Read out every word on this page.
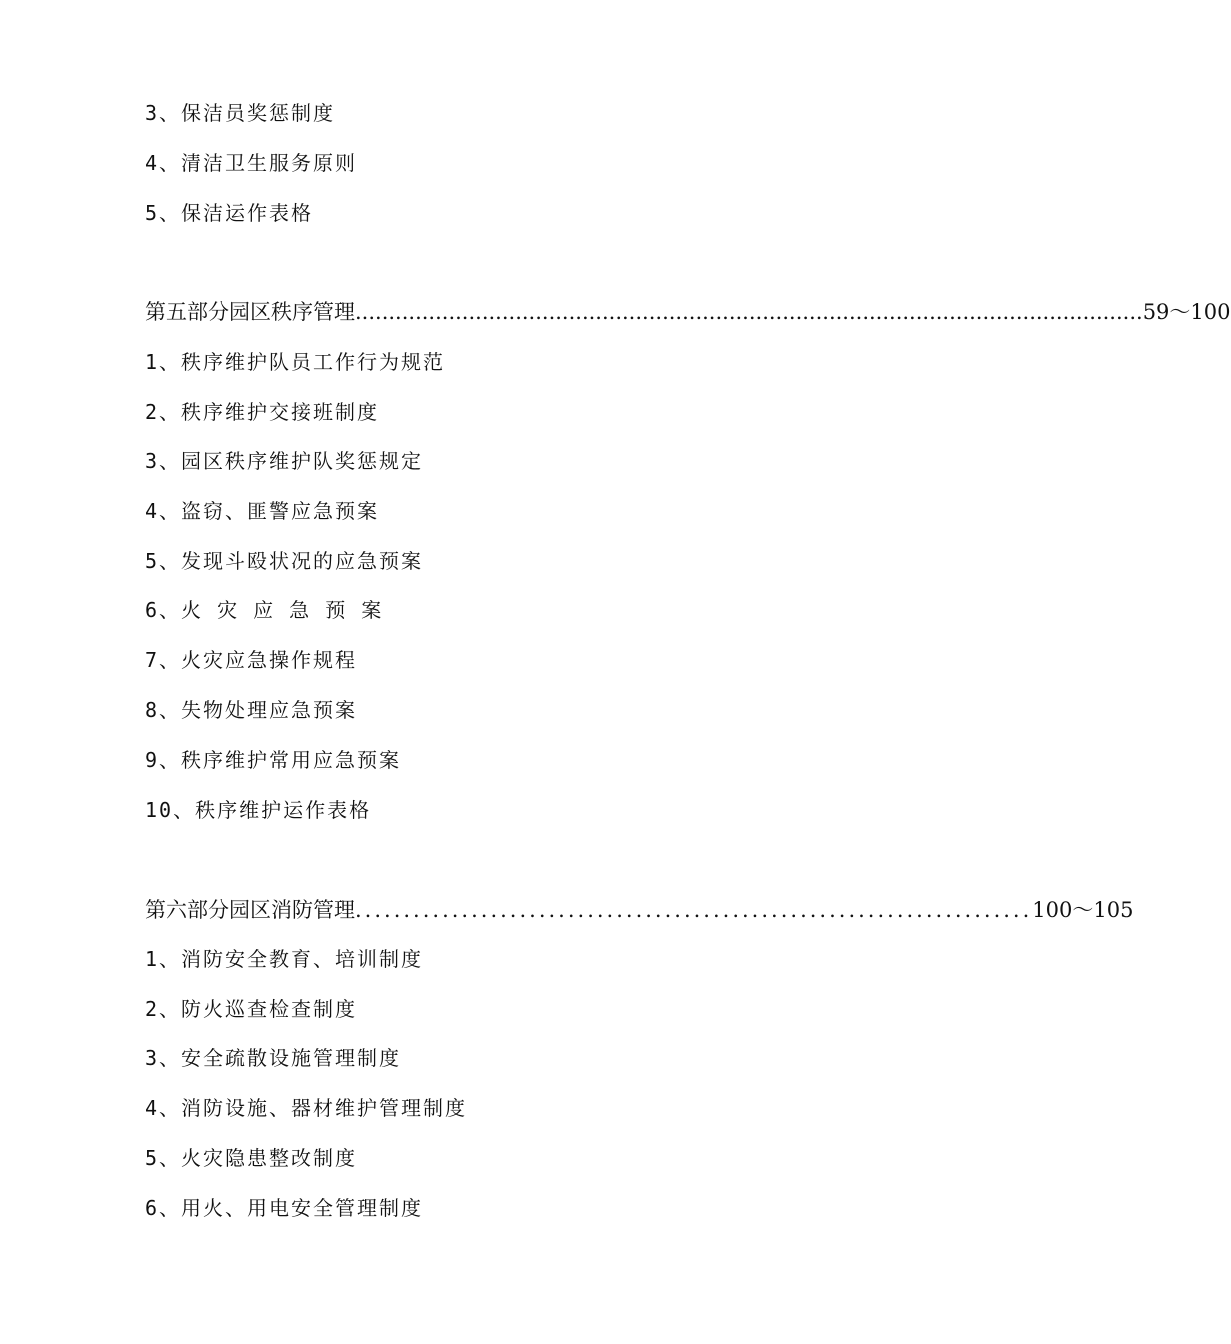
3、保洁员奖惩制度
4、清洁卫生服务原则
5、保洁运作表格
第五部分 园区秩序管理 ...................................................................................................................... 59～100
1、秩序维护队员工作行为规范
2、秩序维护交接班制度
3、园区秩序维护队奖惩规定
4、盗窃、匪警应急预案
5、发现斗殴状况的应急预案
6、火 灾 应 急 预 案
7、火灾应急操作规程
8、失物处理应急预案
9、秩序维护常用应急预案
10、秩序维护运作表格
第六部分 园区消防管理 ...................................................................... 100～105
1、消防安全教育、培训制度
2、防火巡查检查制度
3、安全疏散设施管理制度
4、消防设施、器材维护管理制度
5、火灾隐患整改制度
6、用火、用电安全管理制度
